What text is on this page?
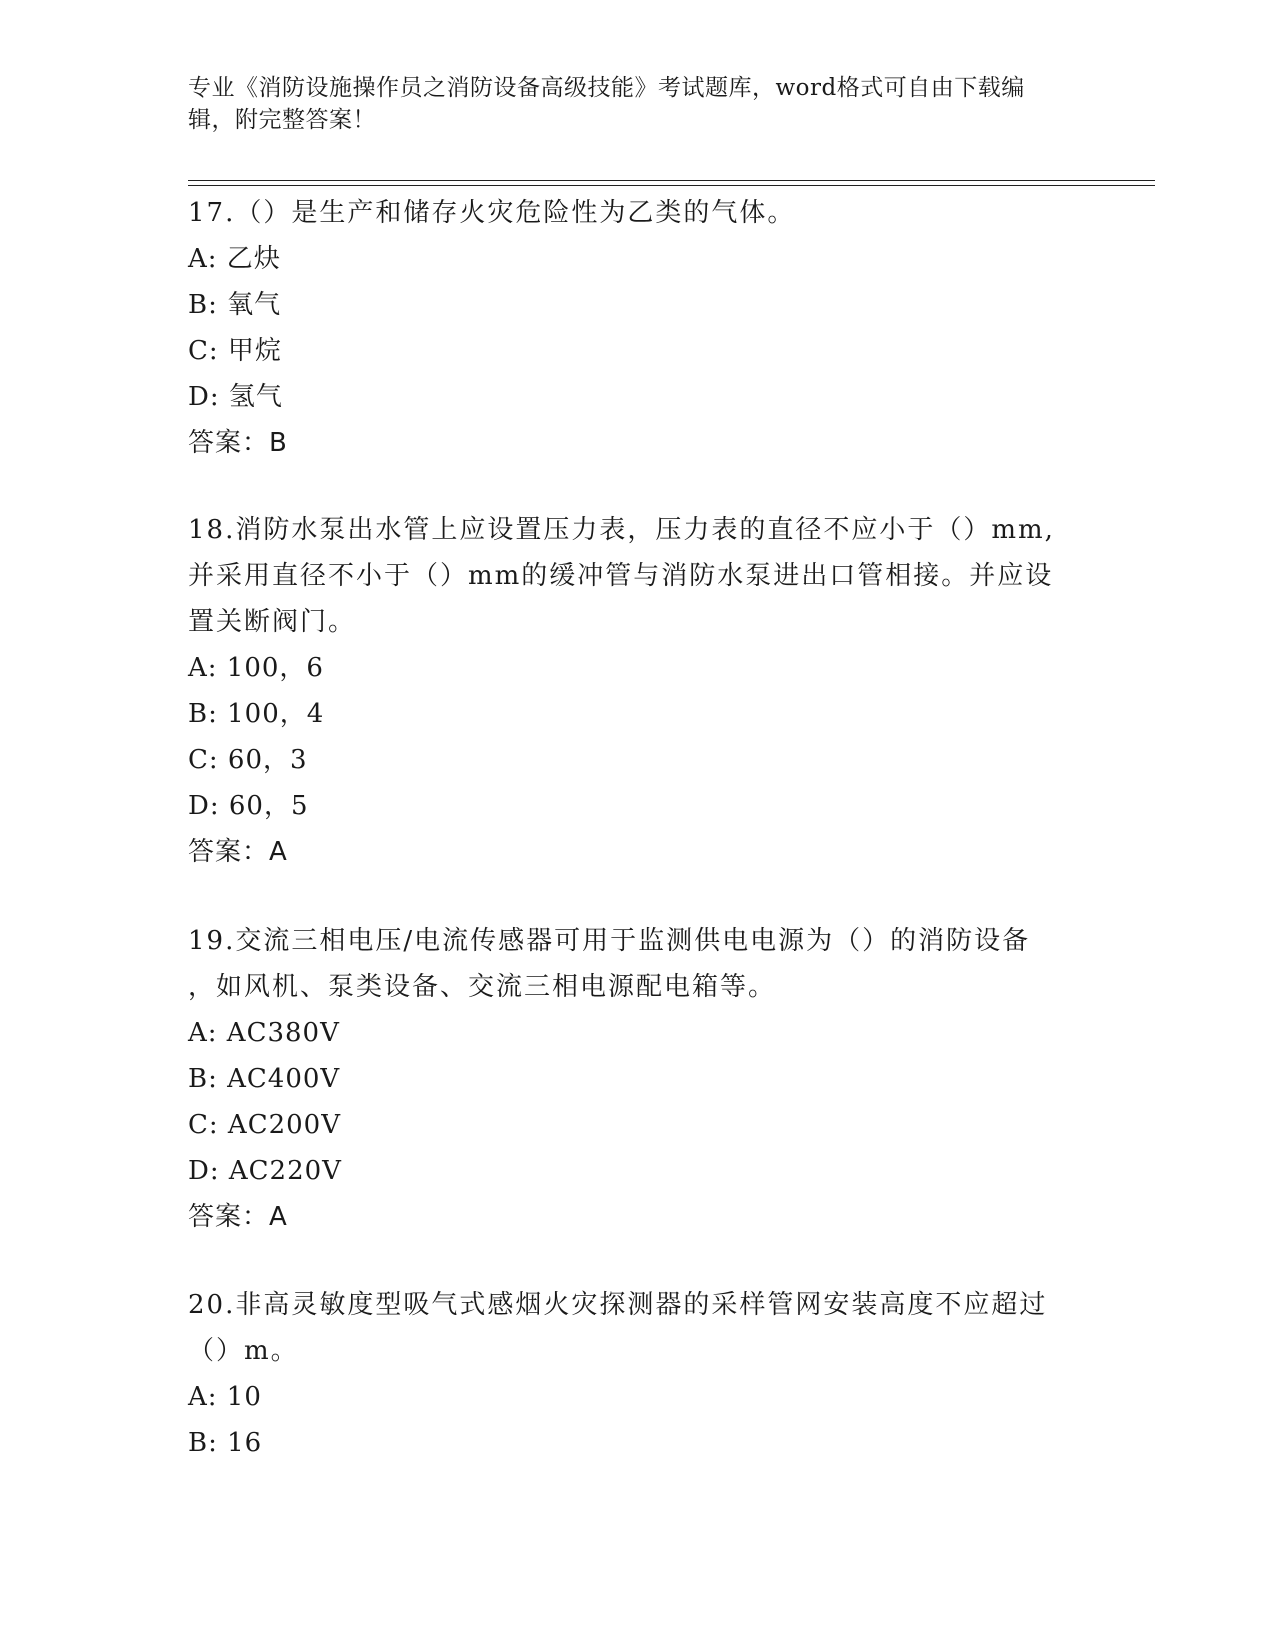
专业《消防设施操作员之消防设备高级技能》考试题库，word格式可自由下载编
辑，附完整答案！

17.（）是生产和储存火灾危险性为乙类的气体。

A: 乙炔

B: 氧气

C: 甲烷

D: 氢气

答案：B

18.消防水泵出水管上应设置压力表，压力表的直径不应小于（）mm,

并采用直径不小于（）mm的缓冲管与消防水泵进出口管相接。并应设

置关断阀门。

A: 100，6

B: 100，4

C: 60，3

D: 60，5

答案：A

19.交流三相电压/电流传感器可用于监测供电电源为（）的消防设备

，如风机、泵类设备、交流三相电源配电箱等。

A: AC380V

B: AC400V

C: AC200V

D: AC220V

答案：A

20.非高灵敏度型吸气式感烟火灾探测器的采样管网安装高度不应超过

（）m。

A: 10

B: 16
